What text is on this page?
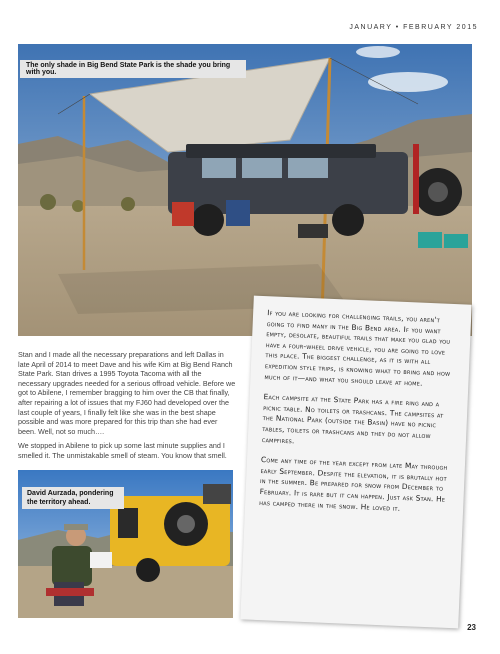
JANUARY • FEBRUARY 2015
The only shade in Big Bend State Park is the shade you bring with you.

Stan and I made all the necessary preparations and left Dallas in late April of 2014 to meet Dave and his wife Kim at Big Bend Ranch State Park. Stan drives a 1995 Toyota Tacoma with all the necessary upgrades needed for a serious offroad vehicle. Before we got to Abilene, I remember bragging to him over the CB that finally, after repairing a lot of issues that my FJ60 had developed over the last couple of years, I finally felt like she was in the best shape possible and was more prepared for this trip than she had ever been. Well, not so much….

We stopped in Abilene to pick up some last minute supplies and I smelled it. The unmistakable smell of steam. You know that smell.

David Aurzada, pondering the territory ahead.

If you are looking for challenging trails, you aren't going to find many in the Big Bend area. If you want empty, desolate, beautiful trails that make you glad you have a four-wheel drive vehicle, you are going to love this place. The biggest challenge, as it is with all expedition style trips, is knowing what to bring and how much of it—and what you should leave at home.

Each campsite at the State Park has a fire ring and a picnic table. No toilets or trashcans. The campsites at the National Park (outside the Basin) have no picnic tables, toilets or trashcans and they do not allow campfires.

Come any time of the year except from late May through early September. Despite the elevation, it is brutally hot in the summer. Be prepared for snow from December to February. It is rare but it can happen. Just ask Stan. He has camped there in the snow. He loved it.

23
